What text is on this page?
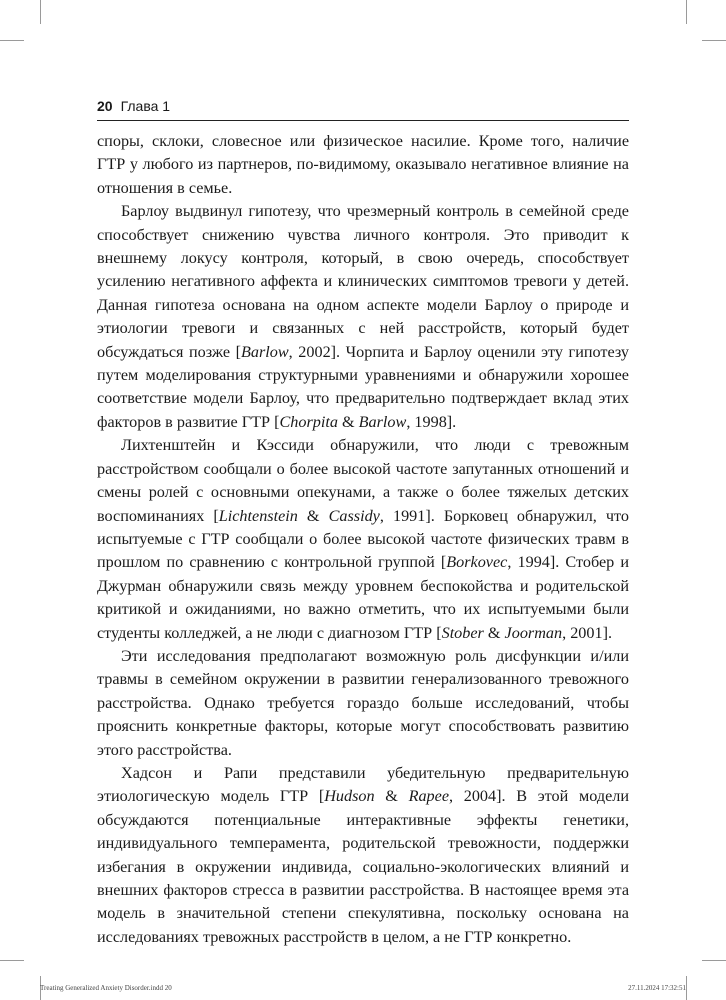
20 Глава 1

споры, склоки, словесное или физическое насилие. Кроме того, наличие ГТР у любого из партнеров, по-видимому, оказывало негативное влияние на отношения в семье.

Барлоу выдвинул гипотезу, что чрезмерный контроль в семейной среде способствует снижению чувства личного контроля. Это приводит к внешнему локусу контроля, который, в свою очередь, способствует усилению негативного аффекта и клинических симптомов тревоги у детей. Данная гипотеза основана на одном аспекте модели Барлоу о природе и этиологии тревоги и связанных с ней расстройств, который будет обсуждаться позже [Barlow, 2002]. Чорпита и Барлоу оценили эту гипотезу путем моделирования структурными уравнениями и обнаружили хорошее соответствие модели Барлоу, что предварительно подтверждает вклад этих факторов в развитие ГТР [Chorpita & Barlow, 1998].

Лихтенштейн и Кэссиди обнаружили, что люди с тревожным расстройством сообщали о более высокой частоте запутанных отношений и смены ролей с основными опекунами, а также о более тяжелых детских воспоминаниях [Lichtenstein & Cassidy, 1991]. Борковец обнаружил, что испытуемые с ГТР сообщали о более высокой частоте физических травм в прошлом по сравнению с контрольной группой [Borkovec, 1994]. Стобер и Джурман обнаружили связь между уровнем беспокойства и родительской критикой и ожиданиями, но важно отметить, что их испытуемыми были студенты колледжей, а не люди с диагнозом ГТР [Stober & Joorman, 2001].

Эти исследования предполагают возможную роль дисфункции и/или травмы в семейном окружении в развитии генерализованного тревожного расстройства. Однако требуется гораздо больше исследований, чтобы прояснить конкретные факторы, которые могут способствовать развитию этого расстройства.

Хадсон и Рапи представили убедительную предварительную этиологическую модель ГТР [Hudson & Rapee, 2004]. В этой модели обсуждаются потенциальные интерактивные эффекты генетики, индивидуального темперамента, родительской тревожности, поддержки избегания в окружении индивида, социально-экологических влияний и внешних факторов стресса в развитии расстройства. В настоящее время эта модель в значительной степени спекулятивна, поскольку основана на исследованиях тревожных расстройств в целом, а не ГТР конкретно.

Treating Generalized Anxiety Disorder.indd 20	27.11.2024 17:32:51
